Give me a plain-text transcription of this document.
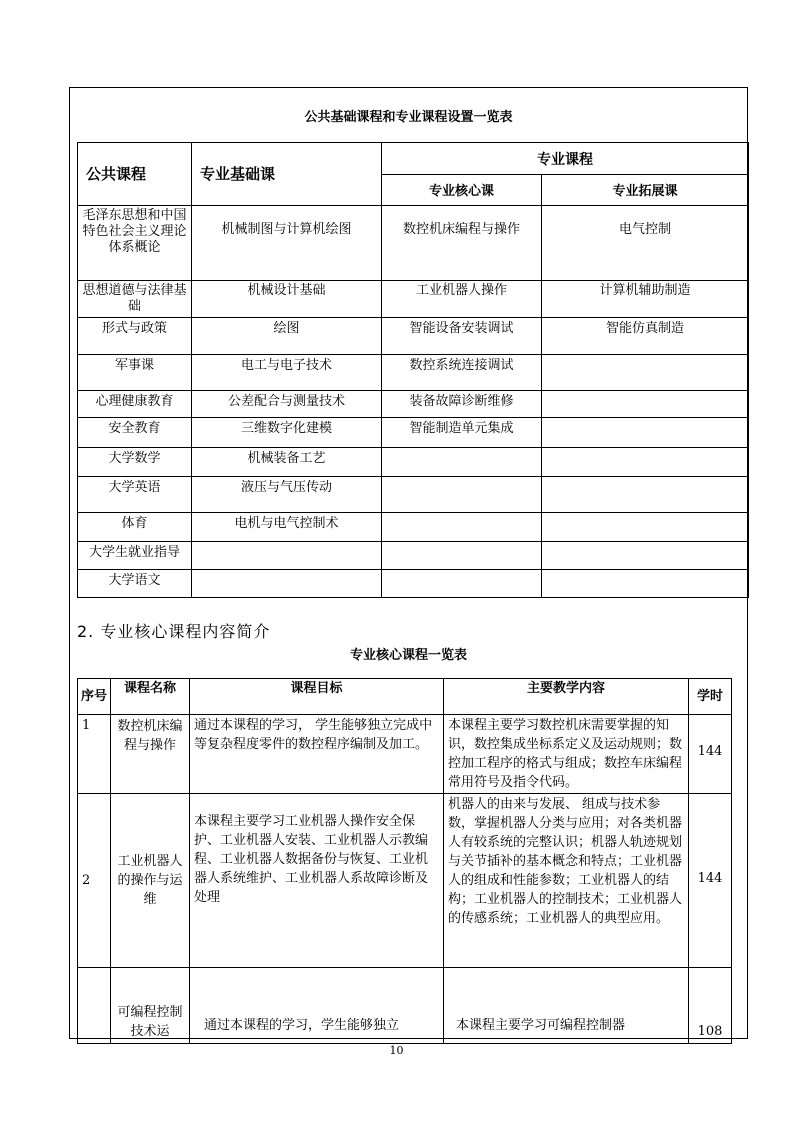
公共基础课程和专业课程设置一览表
公共课程	专业基础课	专业课程	
		专业核心课	专业拓展课
毛泽东思想和中国特色社会主义理论体系概论	机械制图与计算机绘图	数控机床编程与操作	电气控制
思想道德与法律基础	机械设计基础	工业机器人操作	计算机辅助制造
形式与政策	绘图	智能设备安装调试	智能仿真制造
军事课	电工与电子技术	数控系统连接调试	
心理健康教育	公差配合与测量技术	装备故障诊断维修	
安全教育	三维数字化建模	智能制造单元集成	
大学数学	机械装备工艺		
大学英语	液压与气压传动		
体育	电机与电气控制术		
大学生就业指导			
大学语文			
2. 专业核心课程内容简介
专业核心课程一览表
序号	课程名称	课程目标	主要教学内容	学时
1	数控机床编程与操作	通过本课程的学习， 学生能够独立完成中等复杂程度零件的数控程序编制及加工。	本课程主要学习数控机床需要掌握的知识，数控集成坐标系定义及运动规则；数控加工程序的格式与组成；数控车床编程常用符号及指令代码。	144
2	工业机器人的操作与运维	本课程主要学习工业机器人操作安全保护、工业机器人安装、工业机器人示教编程、工业机器人数据备份与恢复、工业机器人系统维护、工业机器人系故障诊断及处理	机器人的由来与发展、 组成与技术参数，掌握机器人分类与应用；对各类机器人有较系统的完整认识；机器人轨迹规划与关节插补的基本概念和特点；工业机器人的组成和性能参数；工业机器人的结构；工业机器人的控制技术；工业机器人的传感系统；工业机器人的典型应用。	144
	可编程控制技术运	通过本课程的学习，学生能够独立	本课程主要学习可编程控制器	108
10
